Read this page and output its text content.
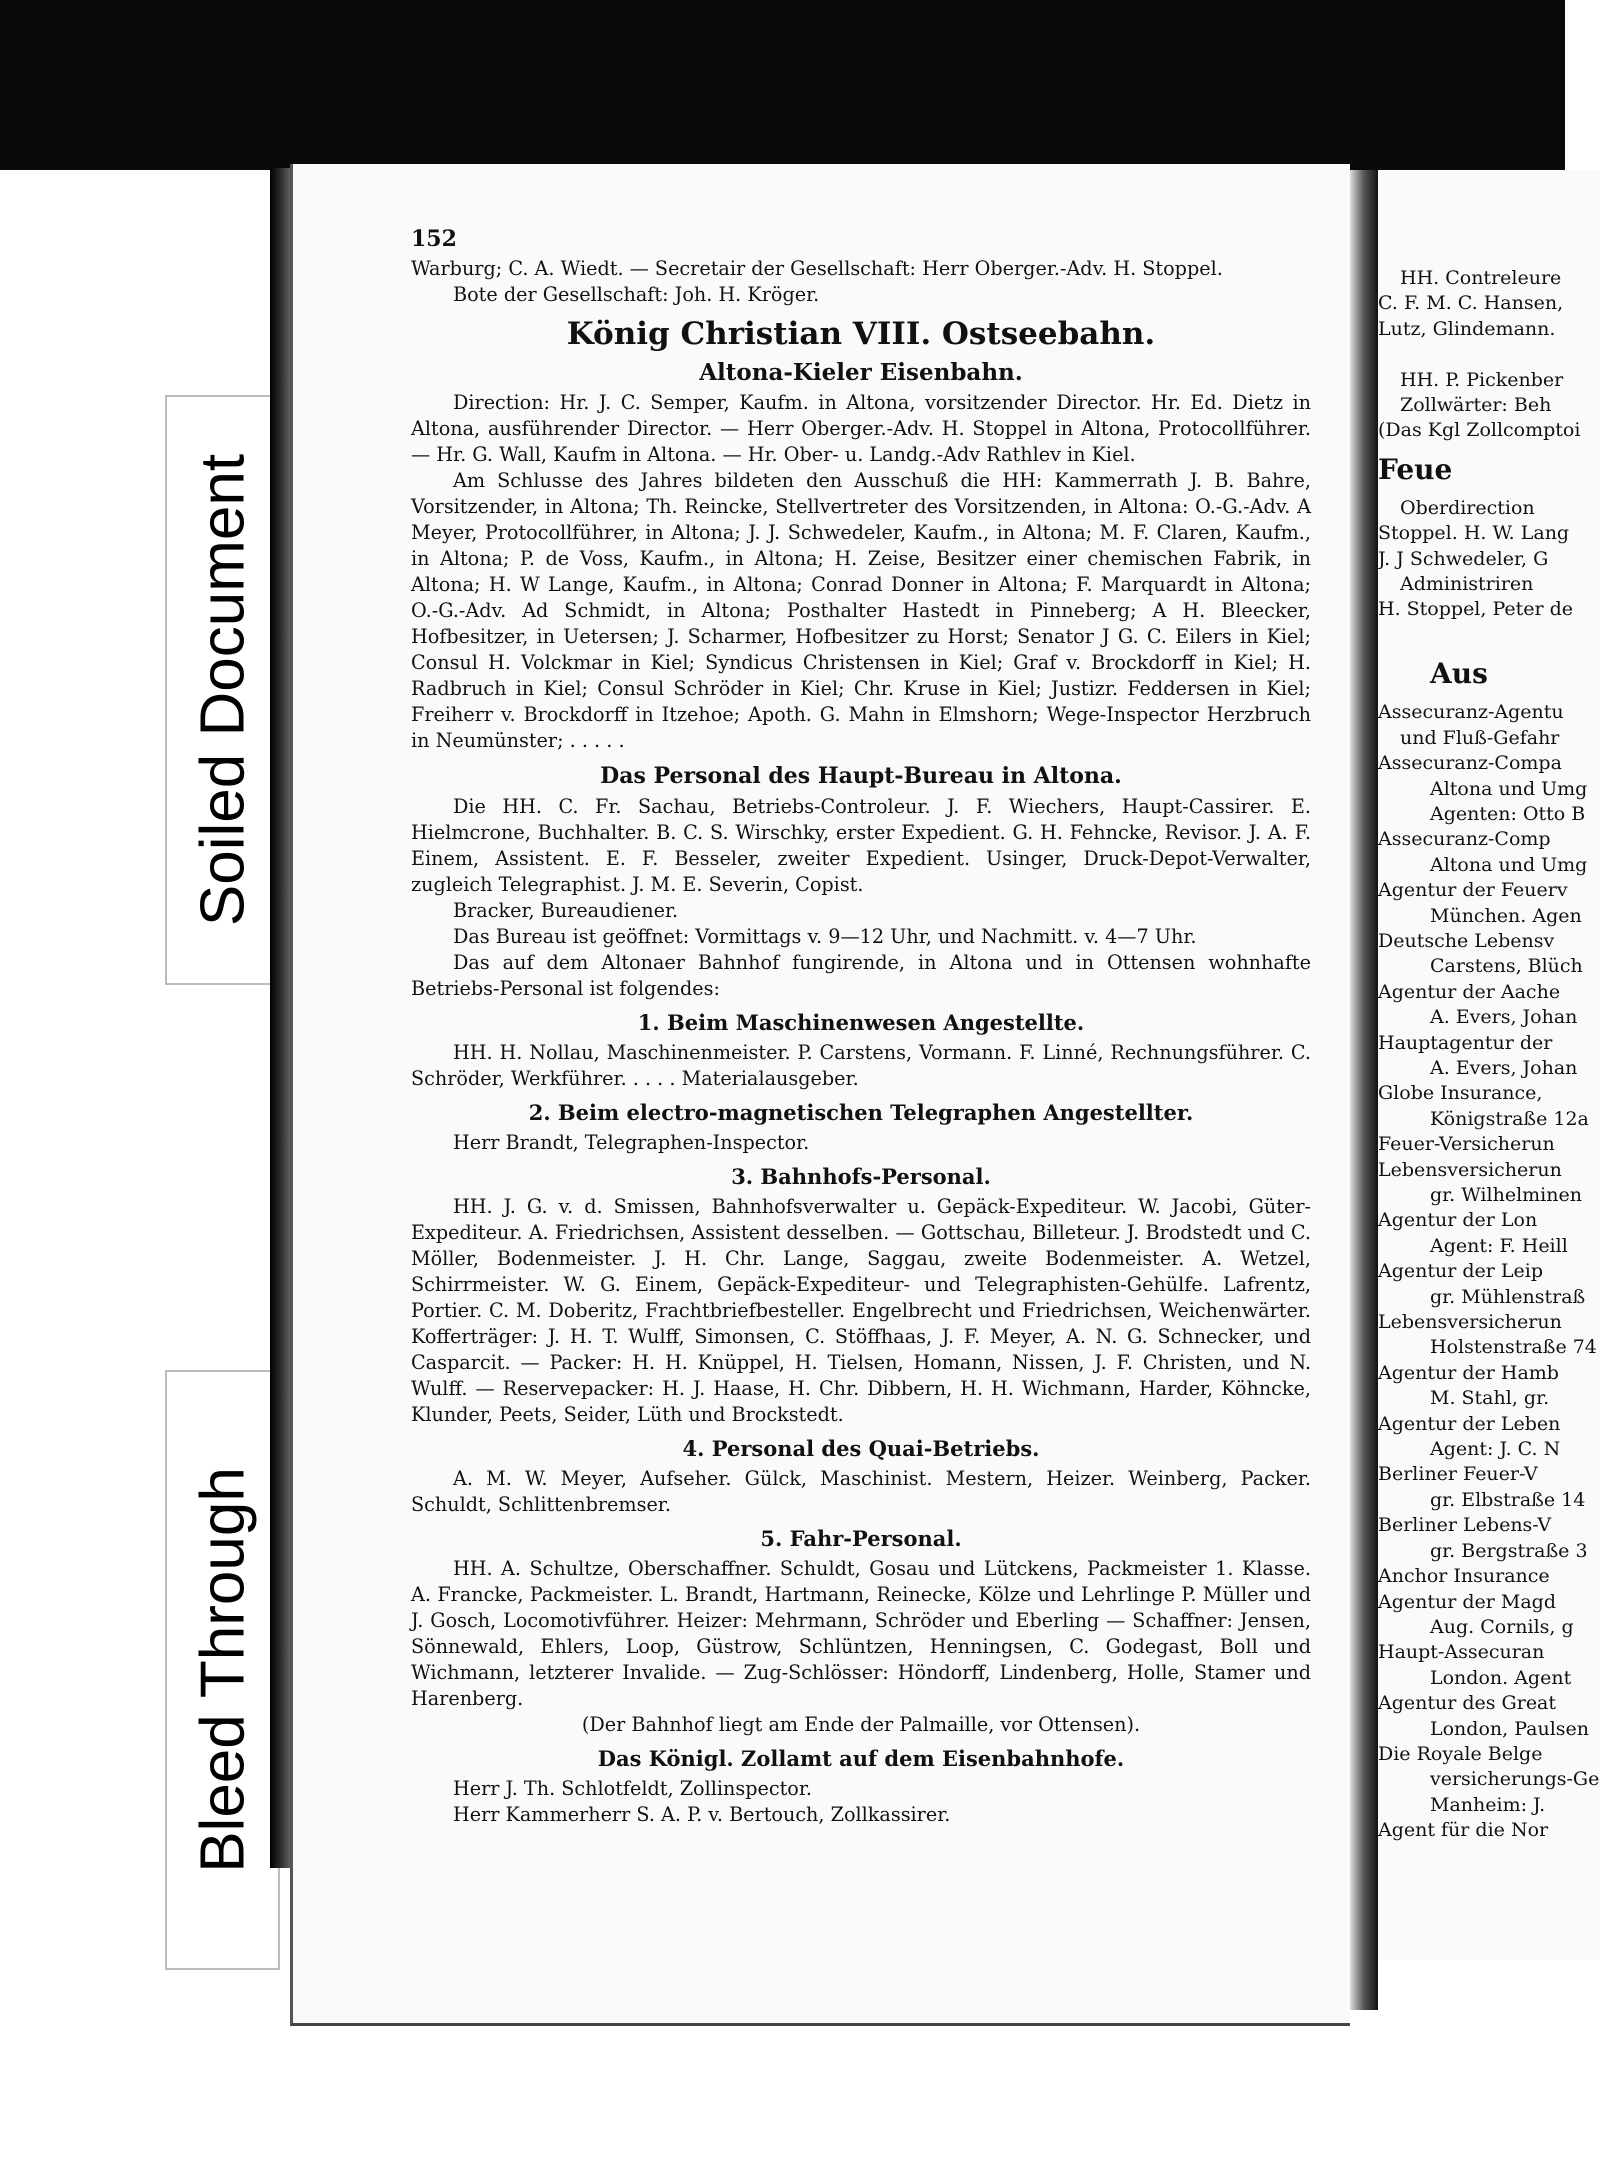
Soiled Document
Bleed Through
152

Warburg; C. A. Wiedt. — Secretair der Gesellschaft: Herr Oberger.-Adv. H. Stoppel.

Bote der Gesellschaft: Joh. H. Kröger.

König Christian VIII. Ostseebahn.
Altona-Kieler Eisenbahn.

Direction: Hr. J. C. Semper, Kaufm. in Altona, vorsitzender Director. Hr. Ed. Dietz in Altona, ausführender Director. — Herr Oberger.-Adv. H. Stoppel in Altona, Protocollführer. — Hr. G. Wall, Kaufm in Altona. — Hr. Ober- u. Landg.-Adv Rathlev in Kiel.

Am Schlusse des Jahres bildeten den Ausschuß die HH: Kammerrath J. B. Bahre, Vorsitzender, in Altona; Th. Reincke, Stellvertreter des Vorsitzenden, in Altona: O.-G.-Adv. A Meyer, Protocollführer, in Altona; J. J. Schwedeler, Kaufm., in Altona; M. F. Claren, Kaufm., in Altona; P. de Voss, Kaufm., in Altona; H. Zeise, Besitzer einer chemischen Fabrik, in Altona; H. W Lange, Kaufm., in Altona; Conrad Donner in Altona; F. Marquardt in Altona; O.-G.-Adv. Ad Schmidt, in Altona; Posthalter Hastedt in Pinneberg; A H. Bleecker, Hofbesitzer, in Uetersen; J. Scharmer, Hofbesitzer zu Horst; Senator J G. C. Eilers in Kiel; Consul H. Volckmar in Kiel; Syndicus Christensen in Kiel; Graf v. Brockdorff in Kiel; H. Radbruch in Kiel; Consul Schröder in Kiel; Chr. Kruse in Kiel; Justizr. Feddersen in Kiel; Freiherr v. Brockdorff in Itzehoe; Apoth. G. Mahn in Elmshorn; Wege-Inspector Herzbruch in Neumünster; . . . . .

Das Personal des Haupt-Bureau in Altona.

Die HH. C. Fr. Sachau, Betriebs-Controleur. J. F. Wiechers, Haupt-Cassirer. E. Hielmcrone, Buchhalter. B. C. S. Wirschky, erster Expedient. G. H. Fehncke, Revisor. J. A. F. Einem, Assistent. E. F. Besseler, zweiter Expedient. Usinger, Druck-Depot-Verwalter, zugleich Telegraphist. J. M. E. Severin, Copist.

Bracker, Bureaudiener.

Das Bureau ist geöffnet: Vormittags v. 9—12 Uhr, und Nachmitt. v. 4—7 Uhr.

Das auf dem Altonaer Bahnhof fungirende, in Altona und in Ottensen wohnhafte Betriebs-Personal ist folgendes:

1. Beim Maschinenwesen Angestellte.

HH. H. Nollau, Maschinenmeister. P. Carstens, Vormann. F. Linné, Rechnungsführer. C. Schröder, Werkführer. . . . . Materialausgeber.

2. Beim electro-magnetischen Telegraphen Angestellter.

Herr Brandt, Telegraphen-Inspector.

3. Bahnhofs-Personal.

HH. J. G. v. d. Smissen, Bahnhofsverwalter u. Gepäck-Expediteur. W. Jacobi, Güter-Expediteur. A. Friedrichsen, Assistent desselben. — Gottschau, Billeteur. J. Brodstedt und C. Möller, Bodenmeister. J. H. Chr. Lange, Saggau, zweite Bodenmeister. A. Wetzel, Schirrmeister. W. G. Einem, Gepäck-Expediteur- und Telegraphisten-Gehülfe. Lafrentz, Portier. C. M. Doberitz, Frachtbriefbesteller. Engelbrecht und Friedrichsen, Weichenwärter. Kofferträger: J. H. T. Wulff, Simonsen, C. Stöffhaas, J. F. Meyer, A. N. G. Schnecker, und Casparcit. — Packer: H. H. Knüppel, H. Tielsen, Homann, Nissen, J. F. Christen, und N. Wulff. — Reservepacker: H. J. Haase, H. Chr. Dibbern, H. H. Wichmann, Harder, Köhncke, Klunder, Peets, Seider, Lüth und Brockstedt.

4. Personal des Quai-Betriebs.

A. M. W. Meyer, Aufseher. Gülck, Maschinist. Mestern, Heizer. Weinberg, Packer. Schuldt, Schlittenbremser.

5. Fahr-Personal.

HH. A. Schultze, Oberschaffner. Schuldt, Gosau und Lütckens, Packmeister 1. Klasse. A. Francke, Packmeister. L. Brandt, Hartmann, Reinecke, Kölze und Lehrlinge P. Müller und J. Gosch, Locomotivführer. Heizer: Mehrmann, Schröder und Eberling — Schaffner: Jensen, Sönnewald, Ehlers, Loop, Güstrow, Schlüntzen, Henningsen, C. Godegast, Boll und Wichmann, letzterer Invalide. — Zug-Schlösser: Höndorff, Lindenberg, Holle, Stamer und Harenberg.

(Der Bahnhof liegt am Ende der Palmaille, vor Ottensen).

Das Königl. Zollamt auf dem Eisenbahnhofe.

Herr J. Th. Schlotfeldt, Zollinspector.

Herr Kammerherr S. A. P. v. Bertouch, Zollkassirer.

HH. Contreleure
C. F. M. C. Hansen,
Lutz, Glindemann.

HH. P. Pickenber
Zollwärter: Beh
(Das Kgl Zollcomptoi
Feue
Oberdirection
Stoppel. H. W. Lang
J. J Schwedeler, G
Administriren
H. Stoppel, Peter de

Aus
Assecuranz-Agentu
und Fluß-Gefahr
Assecuranz-Compa
Altona und Umg
Agenten: Otto B
Assecuranz-Comp
Altona und Umg
Agentur der Feuerv
München. Agen
Deutsche Lebensv
Carstens, Blüch
Agentur der Aache
A. Evers, Johan
Hauptagentur der
A. Evers, Johan
Globe Insurance,
Königstraße 12a
Feuer-Versicherun
Lebensversicherun
gr. Wilhelminen
Agentur der Lon
Agent: F. Heill
Agentur der Leip
gr. Mühlenstraß
Lebensversicherun
Holstenstraße 74
Agentur der Hamb
M. Stahl, gr.
Agentur der Leben
Agent: J. C. N
Berliner Feuer-V
gr. Elbstraße 14
Berliner Lebens-V
gr. Bergstraße 3
Anchor Insurance
Agentur der Magd
Aug. Cornils, g
Haupt-Assecuran
London. Agent
Agentur des Great
London, Paulsen
Die Royale Belge
versicherungs-Ge
Manheim: J.
Agent für die Nor
